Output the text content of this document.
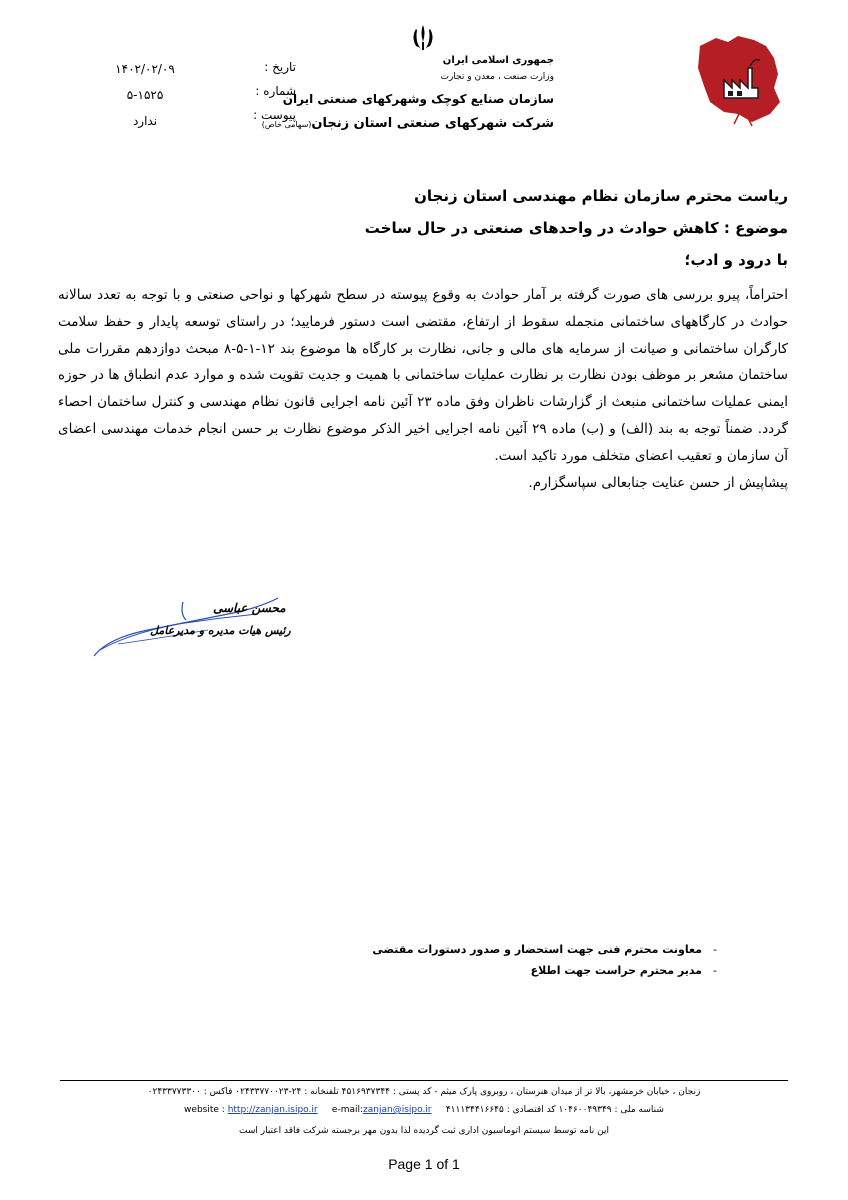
جمهوری اسلامی ایران
وزارت صنعت ، معدن و تجارت
سازمان صنایع کوچک وشهرکهای صنعتی ایران
شرکت شهرکهای صنعتی استان زنجان(سهامی خاص)
تاریخ :
شماره :
پیوست :
۱۴۰۲/۰۲/۰۹
۵-۱۵۲۵
ندارد
ریاست محترم سازمان نظام مهندسی استان زنجان
موضوع : کاهش حوادث در واحدهای صنعتی در حال ساخت
با درود و ادب؛

احتراماً، پیرو بررسی های صورت گرفته بر آمار حوادث به وقوع پیوسته در سطح شهرکها و نواحی صنعتی و با توجه به تعدد سالانه حوادث در کارگاههای ساختمانی منجمله سقوط از ارتفاع، مقتضی است دستور فرمایید؛ در راستای توسعه پایدار و حفظ سلامت کارگران ساختمانی و صیانت از سرمایه های مالی و جانی، نظارت بر کارگاه ها موضوع بند ۱۲-۱-۵-۸ مبحث دوازدهم مقررات ملی ساختمان مشعر بر موظف بودن نظارت بر نظارت عملیات ساختمانی با همیت و جدیت تقویت شده و موارد عدم انطباق ها در حوزه ایمنی عملیات ساختمانی منبعث از گزارشات ناظران وفق ماده ۲۳ آئین نامه اجرایی قانون نظام مهندسی و کنترل ساختمان احصاء گردد. ضمناً توجه به بند (الف) و (ب) ماده ۲۹ آئین نامه اجرایی اخیر الذکر موضوع نظارت بر حسن انجام خدمات مهندسی اعضای آن سازمان و تعقیب اعضای متخلف مورد تاکید است.

پیشاپیش از حسن عنایت جنابعالی سپاسگزارم.

محسن عباسی
رئیس هیات مدیره و مدیرعامل
-معاونت محترم فنی جهت استحضار و صدور دستورات مقتضی
-مدیر محترم حراست جهت اطلاع
زنجان ، خیابان خرمشهر، بالا تر از میدان هنرستان ، روبروی پارک میثم - کد پستی : ۴۵۱۶۹۳۷۳۴۴ تلفنخانه : ۲۴-۰۲۴۳۳۷۷۰۰۲۳ فاکس : ۰۲۴۳۳۷۷۳۳۰۰
شناسه ملی : ۱۰۴۶۰۰۴۹۳۴۹ کد اقتصادی : ۴۱۱۱۳۴۴۱۶۶۴۵     e-mail:zanjan@isipo.ir     website : http://zanjan.isipo.ir
این نامه توسط سیستم اتوماسیون اداری ثبت گردیده لذا بدون مهر برجسته شرکت فاقد اعتبار است
Page 1 of 1
